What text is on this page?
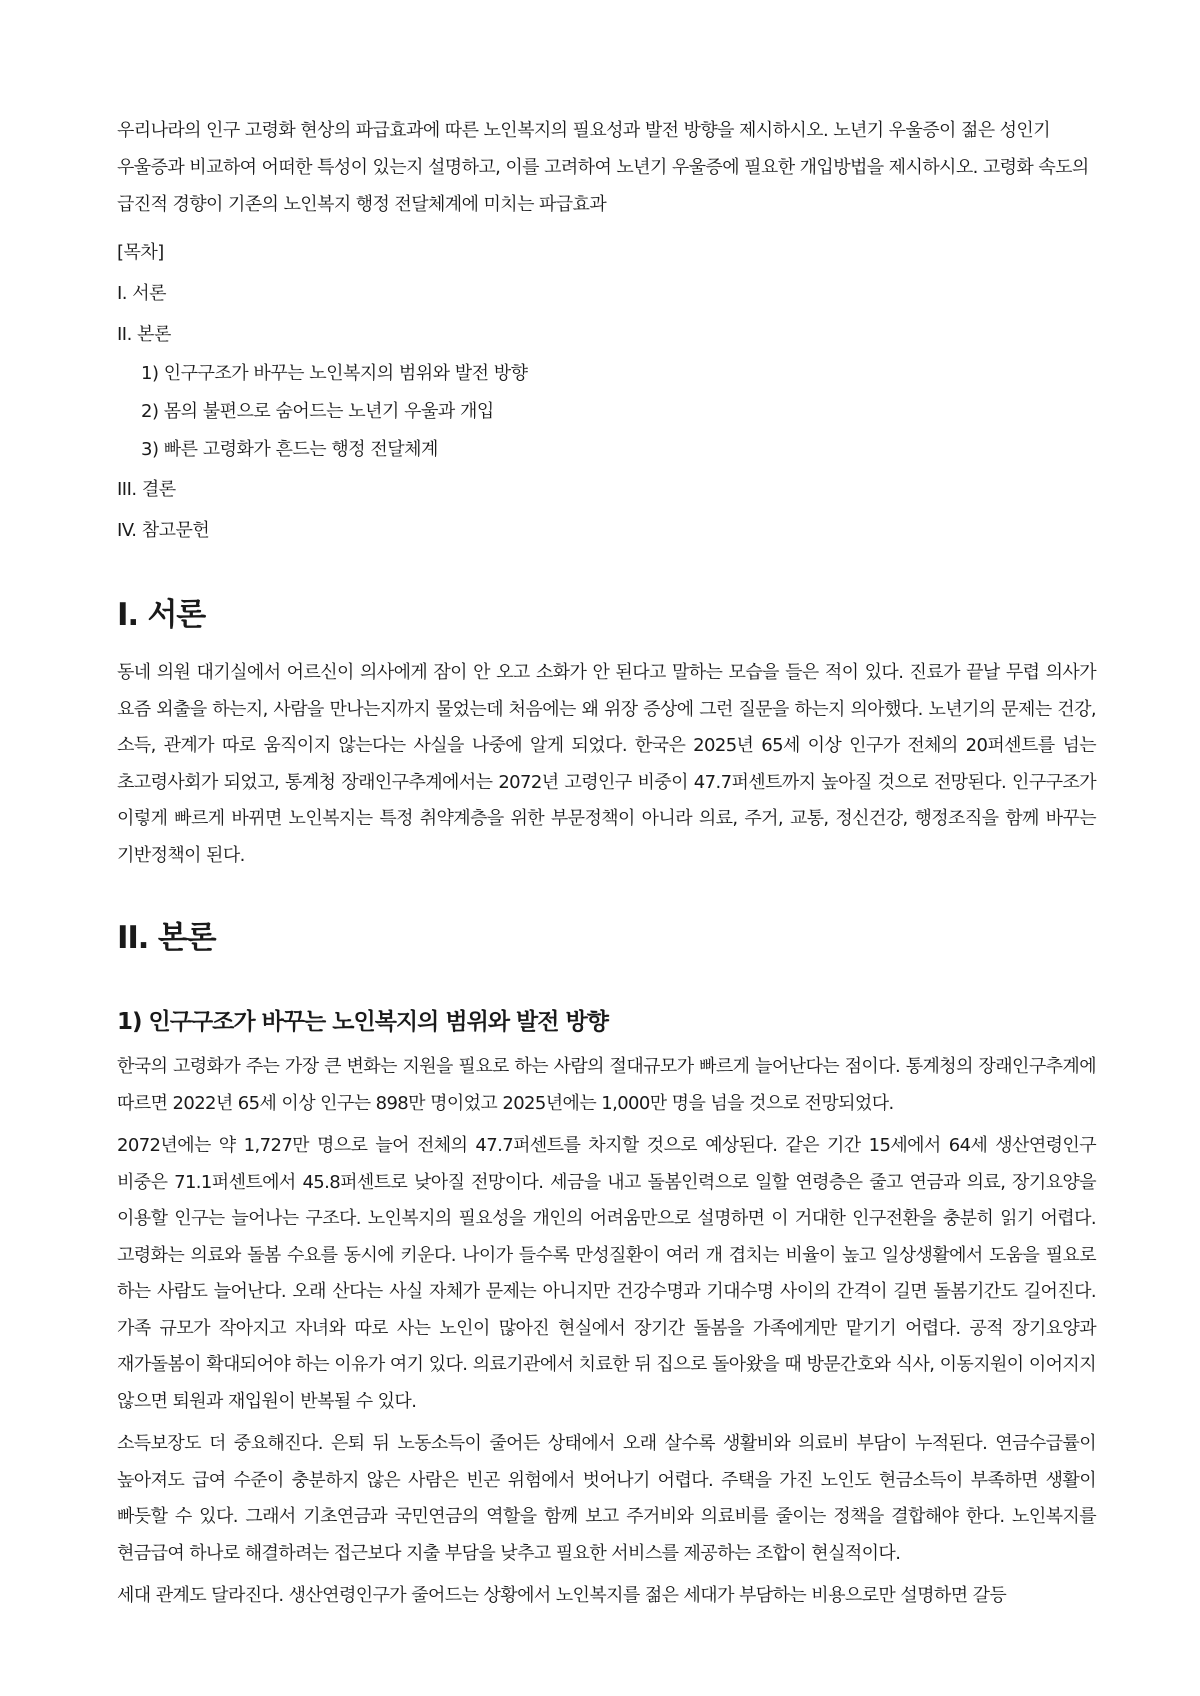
우리나라의 인구 고령화 현상의 파급효과에 따른 노인복지의 필요성과 발전 방향을 제시하시오. 노년기 우울증이 젊은 성인기 우울증과 비교하여 어떠한 특성이 있는지 설명하고, 이를 고려하여 노년기 우울증에 필요한 개입방법을 제시하시오. 고령화 속도의 급진적 경향이 기존의 노인복지 행정 전달체계에 미치는 파급효과

[목차]
I. 서론
II. 본론
1) 인구구조가 바꾸는 노인복지의 범위와 발전 방향
2) 몸의 불편으로 숨어드는 노년기 우울과 개입
3) 빠른 고령화가 흔드는 행정 전달체계
III. 결론
IV. 참고문헌
I. 서론

동네 의원 대기실에서 어르신이 의사에게 잠이 안 오고 소화가 안 된다고 말하는 모습을 들은 적이 있다. 진료가 끝날 무렵 의사가 요즘 외출을 하는지, 사람을 만나는지까지 물었는데 처음에는 왜 위장 증상에 그런 질문을 하는지 의아했다. 노년기의 문제는 건강, 소득, 관계가 따로 움직이지 않는다는 사실을 나중에 알게 되었다. 한국은 2025년 65세 이상 인구가 전체의 20퍼센트를 넘는 초고령사회가 되었고, 통계청 장래인구추계에서는 2072년 고령인구 비중이 47.7퍼센트까지 높아질 것으로 전망된다. 인구구조가 이렇게 빠르게 바뀌면 노인복지는 특정 취약계층을 위한 부문정책이 아니라 의료, 주거, 교통, 정신건강, 행정조직을 함께 바꾸는 기반정책이 된다.

II. 본론
1) 인구구조가 바꾸는 노인복지의 범위와 발전 방향

한국의 고령화가 주는 가장 큰 변화는 지원을 필요로 하는 사람의 절대규모가 빠르게 늘어난다는 점이다. 통계청의 장래인구추계에 따르면 2022년 65세 이상 인구는 898만 명이었고 2025년에는 1,000만 명을 넘을 것으로 전망되었다.

2072년에는 약 1,727만 명으로 늘어 전체의 47.7퍼센트를 차지할 것으로 예상된다. 같은 기간 15세에서 64세 생산연령인구 비중은 71.1퍼센트에서 45.8퍼센트로 낮아질 전망이다. 세금을 내고 돌봄인력으로 일할 연령층은 줄고 연금과 의료, 장기요양을 이용할 인구는 늘어나는 구조다. 노인복지의 필요성을 개인의 어려움만으로 설명하면 이 거대한 인구전환을 충분히 읽기 어렵다. 고령화는 의료와 돌봄 수요를 동시에 키운다. 나이가 들수록 만성질환이 여러 개 겹치는 비율이 높고 일상생활에서 도움을 필요로 하는 사람도 늘어난다. 오래 산다는 사실 자체가 문제는 아니지만 건강수명과 기대수명 사이의 간격이 길면 돌봄기간도 길어진다. 가족 규모가 작아지고 자녀와 따로 사는 노인이 많아진 현실에서 장기간 돌봄을 가족에게만 맡기기 어렵다. 공적 장기요양과 재가돌봄이 확대되어야 하는 이유가 여기 있다. 의료기관에서 치료한 뒤 집으로 돌아왔을 때 방문간호와 식사, 이동지원이 이어지지 않으면 퇴원과 재입원이 반복될 수 있다.

소득보장도 더 중요해진다. 은퇴 뒤 노동소득이 줄어든 상태에서 오래 살수록 생활비와 의료비 부담이 누적된다. 연금수급률이 높아져도 급여 수준이 충분하지 않은 사람은 빈곤 위험에서 벗어나기 어렵다. 주택을 가진 노인도 현금소득이 부족하면 생활이 빠듯할 수 있다. 그래서 기초연금과 국민연금의 역할을 함께 보고 주거비와 의료비를 줄이는 정책을 결합해야 한다. 노인복지를 현금급여 하나로 해결하려는 접근보다 지출 부담을 낮추고 필요한 서비스를 제공하는 조합이 현실적이다.

세대 관계도 달라진다. 생산연령인구가 줄어드는 상황에서 노인복지를 젊은 세대가 부담하는 비용으로만 설명하면 갈등
